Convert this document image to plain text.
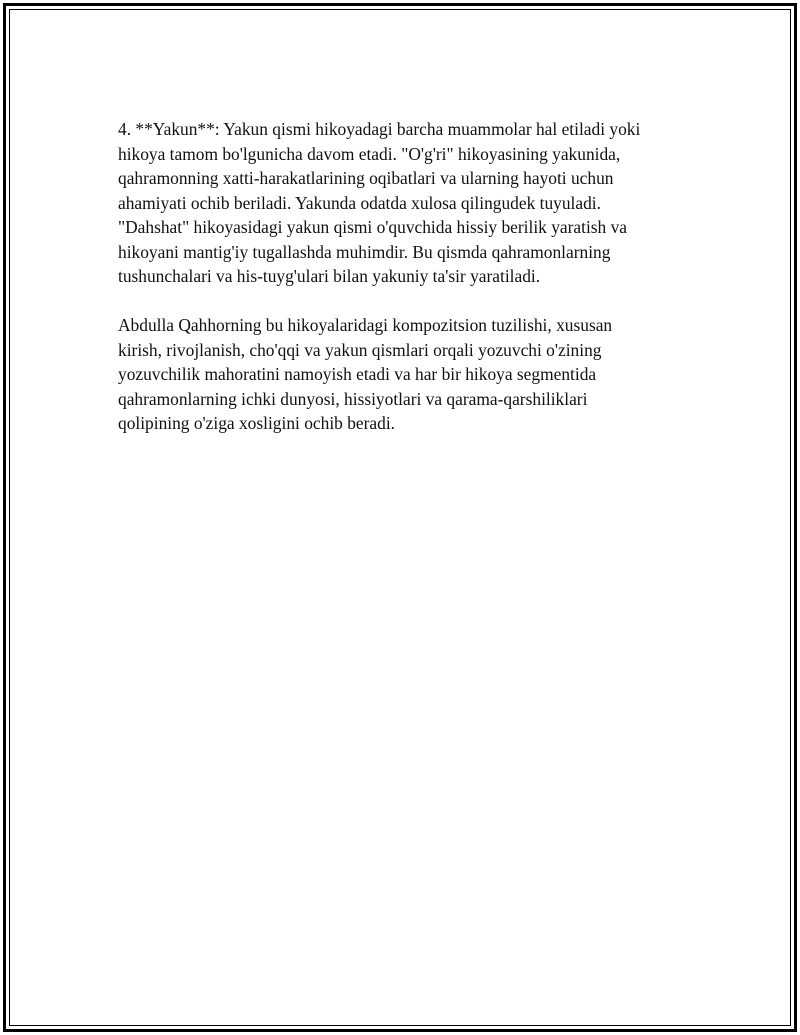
4. **Yakun**: Yakun qismi hikoyadagi barcha muammolar hal etiladi yoki
hikoya tamom bo'lgunicha davom etadi. "O'g'ri" hikoyasining yakunida,
qahramonning xatti-harakatlarining oqibatlari va ularning hayoti uchun
ahamiyati ochib beriladi. Yakunda odatda xulosa qilingudek tuyuladi.
"Dahshat" hikoyasidagi yakun qismi o'quvchida hissiy berilik yaratish va
hikoyani mantig'iy tugallashda muhimdir. Bu qismda qahramonlarning
tushunchalari va his-tuyg'ulari bilan yakuniy ta'sir yaratiladi.

Abdulla Qahhorning bu hikoyalaridagi kompozitsion tuzilishi, xususan
kirish, rivojlanish, cho'qqi va yakun qismlari orqali yozuvchi o'zining
yozuvchilik mahoratini namoyish etadi va har bir hikoya segmentida
qahramonlarning ichki dunyosi, hissiyotlari va qarama-qarshiliklari
qolipining o'ziga xosligini ochib beradi.
